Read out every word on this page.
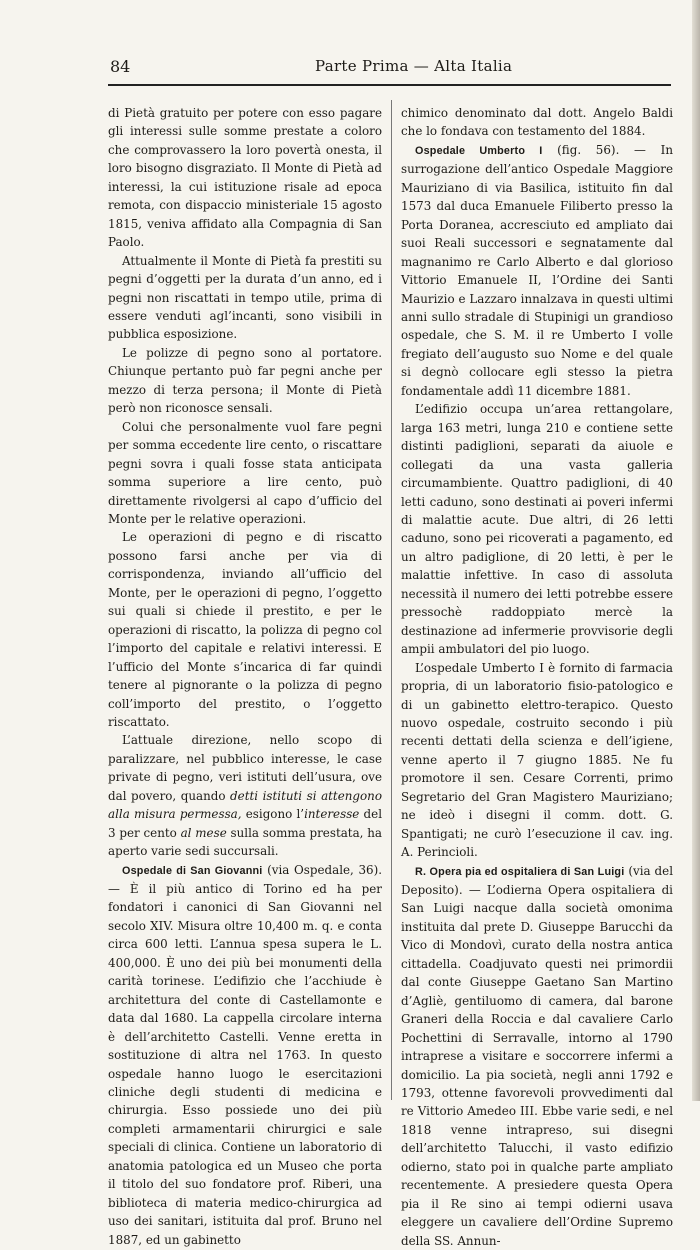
84	Parte Prima — Alta Italia

di Pietà gratuito per potere con esso pagare gli interessi sulle somme prestate a coloro che comprovassero la loro povertà onesta, il loro bisogno disgraziato. Il Monte di Pietà ad interessi, la cui istituzione risale ad epoca remota, con dispaccio ministeriale 15 agosto 1815, veniva affidato alla Compagnia di San Paolo.

Attualmente il Monte di Pietà fa prestiti su pegni d’oggetti per la durata d’un anno, ed i pegni non riscattati in tempo utile, prima di essere venduti agl’incanti, sono visibili in pubblica esposizione.

Le polizze di pegno sono al portatore. Chiunque pertanto può far pegni anche per mezzo di terza persona; il Monte di Pietà però non riconosce sensali.

Colui che personalmente vuol fare pegni per somma eccedente lire cento, o riscattare pegni sovra i quali fosse stata anticipata somma superiore a lire cento, può direttamente rivolgersi al capo d’ufficio del Monte per le relative operazioni.

Le operazioni di pegno e di riscatto possono farsi anche per via di corrispondenza, inviando all’ufficio del Monte, per le operazioni di pegno, l’oggetto sui quali si chiede il prestito, e per le operazioni di riscatto, la polizza di pegno col l’importo del capitale e relativi interessi. E l’ufficio del Monte s’incarica di far quindi tenere al pignorante o la polizza di pegno coll’importo del prestito, o l’oggetto riscattato.

L’attuale direzione, nello scopo di paralizzare, nel pubblico interesse, le case private di pegno, veri istituti dell’usura, ove dal povero, quando detti istituti si attengono alla misura permessa, esigono l’interesse del 3 per cento al mese sulla somma prestata, ha aperto varie sedi succursali.

Ospedale di San Giovanni (via Ospedale, 36). — È il più antico di Torino ed ha per fondatori i canonici di San Giovanni nel secolo XIV. Misura oltre 10,400 m. q. e conta circa 600 letti. L’annua spesa supera le L. 400,000. È uno dei più bei monumenti della carità torinese. L’edifizio che l’acchiude è architettura del conte di Castellamonte e data dal 1680. La cappella circolare interna è dell’architetto Castelli. Venne eretta in sostituzione di altra nel 1763. In questo ospedale hanno luogo le esercitazioni cliniche degli studenti di medicina e chirurgia. Esso possiede uno dei più completi armamentarii chirurgici e sale speciali di clinica. Contiene un laboratorio di anatomia patologica ed un Museo che porta il titolo del suo fondatore prof. Riberi, una biblioteca di materia medico-chirurgica ad uso dei sanitari, istituita dal prof. Bruno nel 1887, ed un gabinetto

chimico denominato dal dott. Angelo Baldi che lo fondava con testamento del 1884.

Ospedale Umberto I (fig. 56). — In surrogazione dell’antico Ospedale Maggiore Mauriziano di via Basilica, istituito fin dal 1573 dal duca Emanuele Filiberto presso la Porta Doranea, accresciuto ed ampliato dai suoi Reali successori e segnatamente dal magnanimo re Carlo Alberto e dal glorioso Vittorio Emanuele II, l’Ordine dei Santi Maurizio e Lazzaro innalzava in questi ultimi anni sullo stradale di Stupinigi un grandioso ospedale, che S. M. il re Umberto I volle fregiato dell’augusto suo Nome e del quale si degnò collocare egli stesso la pietra fondamentale addì 11 dicembre 1881.

L’edifizio occupa un’area rettangolare, larga 163 metri, lunga 210 e contiene sette distinti padiglioni, separati da aiuole e collegati da una vasta galleria circumambiente. Quattro padiglioni, di 40 letti caduno, sono destinati ai poveri infermi di malattie acute. Due altri, di 26 letti caduno, sono pei ricoverati a pagamento, ed un altro padiglione, di 20 letti, è per le malattie infettive. In caso di assoluta necessità il numero dei letti potrebbe essere pressochè raddoppiato mercè la destinazione ad infermerie provvisorie degli ampii ambulatori del pio luogo.

L’ospedale Umberto I è fornito di farmacia propria, di un laboratorio fisio-patologico e di un gabinetto elettro-terapico. Questo nuovo ospedale, costruito secondo i più recenti dettati della scienza e dell’igiene, venne aperto il 7 giugno 1885. Ne fu promotore il sen. Cesare Correnti, primo Segretario del Gran Magistero Mauriziano; ne ideò i disegni il comm. dott. G. Spantigati; ne curò l’esecuzione il cav. ing. A. Perincioli.

R. Opera pia ed ospitaliera di San Luigi (via del Deposito). — L’odierna Opera ospitaliera di San Luigi nacque dalla società omonima instituita dal prete D. Giuseppe Barucchi da Vico di Mondovì, curato della nostra antica cittadella. Coadjuvato questi nei primordii dal conte Giuseppe Gaetano San Martino d’Agliè, gentiluomo di camera, dal barone Graneri della Roccia e dal cavaliere Carlo Pochettini di Serravalle, intorno al 1790 intraprese a visitare e soccorrere infermi a domicilio. La pia società, negli anni 1792 e 1793, ottenne favorevoli provvedimenti dal re Vittorio Amedeo III. Ebbe varie sedi, e nel 1818 venne intrapreso, sui disegni dell’architetto Talucchi, il vasto edifizio odierno, stato poi in qualche parte ampliato recentemente. A presiedere questa Opera pia il Re sino ai tempi odierni usava eleggere un cavaliere dell’Ordine Supremo della SS. Annun-
